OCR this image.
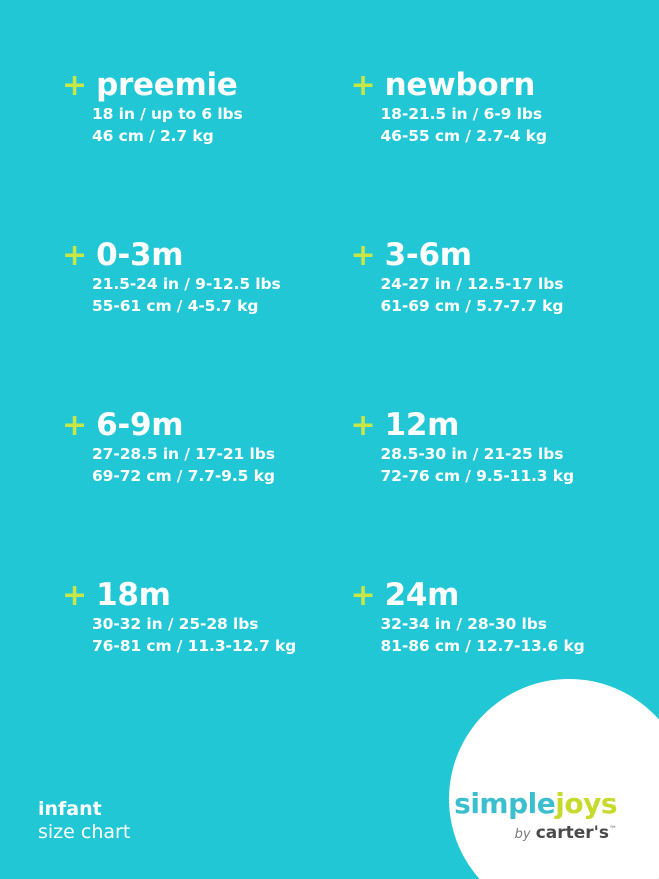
+ preemie
18 in / up to 6 lbs
46 cm / 2.7 kg
+ newborn
18-21.5 in / 6-9 lbs
46-55 cm / 2.7-4 kg
+ 0-3m
21.5-24 in / 9-12.5 lbs
55-61 cm / 4-5.7 kg
+ 3-6m
24-27 in / 12.5-17 lbs
61-69 cm / 5.7-7.7 kg
+ 6-9m
27-28.5 in / 17-21 lbs
69-72 cm / 7.7-9.5 kg
+ 12m
28.5-30 in / 21-25 lbs
72-76 cm / 9.5-11.3 kg
+ 18m
30-32 in / 25-28 lbs
76-81 cm / 11.3-12.7 kg
+ 24m
32-34 in / 28-30 lbs
81-86 cm / 12.7-13.6 kg
infant
size chart
simplejoys
by carter's™
